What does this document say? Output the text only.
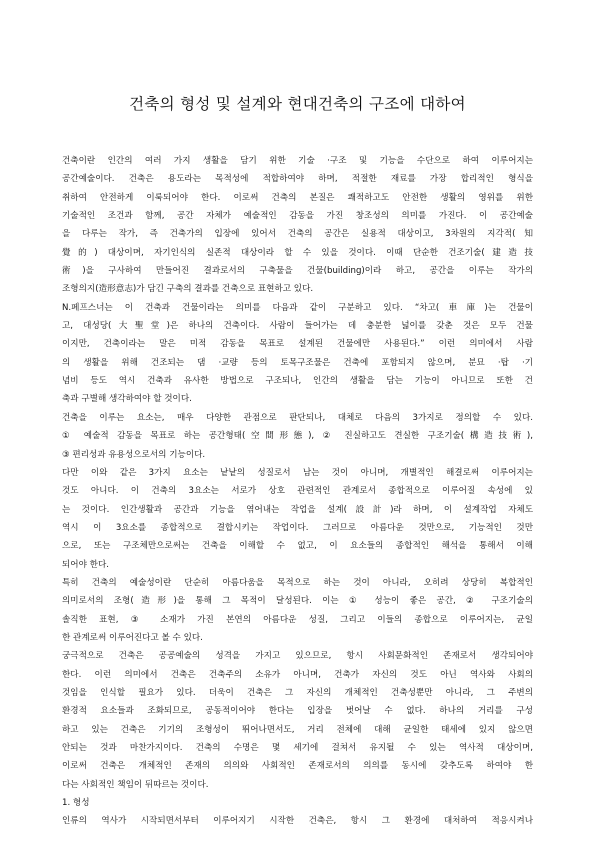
건축의 형성 및 설계와 현대건축의 구조에 대하여
건축이란 인간의 여러 가지 생활을 담기 위한 기술 ·구조 및 기능을 수단으로 하여 이루어지는
공간예술이다. 건축은 용도라는 목적성에 적합하여야 하며, 적절한 재료를 가장 합리적인 형식을
취하여 안전하게 이룩되어야 한다. 이로써 건축의 본질은 쾌적하고도 안전한 생활의 영위를 위한
기술적인 조건과 함께, 공간 자체가 예술적인 감동을 가진 창조성의 의미를 가진다. 이 공간예술
을 다루는 작가, 즉 건축가의 입장에 있어서 건축의 공간은 실용적 대상이고, 3차원의 지각적(知
覺的) 대상이며, 자기인식의 실존적 대상이라 할 수 있을 것이다. 이때 단순한 건조기술(建造技
術)을 구사하여 만들어진 결과로서의 구축물을 건물(building)이라 하고, 공간을 이루는 작가의
조형의지(造形意志)가 담긴 구축의 결과를 건축으로 표현하고 있다.
N.페프스너는 이 건축과 건물이라는 의미를 다음과 같이 구분하고 있다. “차고(車庫)는 건물이
고, 대성당(大聖堂)은 하나의 건축이다. 사람이 들어가는 데 충분한 넓이를 갖춘 것은 모두 건물
이지만, 건축이라는 말은 미적 감동을 목표로 설계된 건물에만 사용된다.” 이런 의미에서 사람
의 생활을 위해 건조되는 댐 ·교량 등의 토목구조물은 건축에 포함되지 않으며, 분묘 ·탑 ·기
념비 등도 역시 건축과 유사한 방법으로 구조되나, 인간의 생활을 담는 기능이 아니므로 또한 건
축과 구별해 생각하여야 할 것이다.
건축을 이루는 요소는, 매우 다양한 관점으로 판단되나, 대체로 다음의 3가지로 정의할 수 있다.
① 예술적 감동을 목표로 하는 공간형태(空間形態), ② 진실하고도 견실한 구조기술(構造技術),
③ 편리성과 유용성으로서의 기능이다.
다만 이와 같은 3가지 요소는 낱낱의 성질로서 남는 것이 아니며, 개별적인 해결로써 이루어지는
것도 아니다. 이 건축의 3요소는 서로가 상호 관련적인 관계로서 종합적으로 이루어질 속성에 있
는 것이다. 인간생활과 공간과 기능을 엮어내는 작업을 설계(設計)라 하며, 이 설계작업 자체도
역시 이 3요소를 종합적으로 결합시키는 작업이다. 그러므로 아름다운 것만으로, 기능적인 것만
으로, 또는 구조체만으로써는 건축을 이해할 수 없고, 이 요소들의 종합적인 해석을 통해서 이해
되어야 한다.
특히 건축의 예술성이란 단순히 아름다움을 목적으로 하는 것이 아니라, 오히려 상당히 복합적인
의미로서의 조형(造形)을 통해 그 목적이 달성된다. 이는 ① 성능이 좋은 공간, ② 구조기술의
솔직한 표현, ③ 소재가 가진 본연의 아름다운 성질, 그리고 이들의 종합으로 이루어지는, 균일
한 관계로써 이루어진다고 볼 수 있다.
궁극적으로 건축은 공공예술의 성격을 가지고 있으므로, 항시 사회문화적인 존재로서 생각되어야
한다. 이런 의미에서 건축은 건축주의 소유가 아니며, 건축가 자신의 것도 아닌 역사와 사회의
것임을 인식할 필요가 있다. 더욱이 건축은 그 자신의 개체적인 건축성뿐만 아니라, 그 주변의
환경적 요소들과 조화되므로, 공동적이어야 한다는 입장을 벗어날 수 없다. 하나의 거리를 구성
하고 있는 건축은 기기의 조형성이 뛰어나면서도, 거리 전체에 대해 균일한 태세에 있지 않으면
안되는 것과 마찬가지이다. 건축의 수명은 몇 세기에 걸쳐서 유지될 수 있는 역사적 대상이며,
이로써 건축은 개체적인 존재의 의의와 사회적인 존재로서의 의의를 동시에 갖추도록 하여야 한
다는 사회적인 책임이 뒤따르는 것이다.
1. 형성
인류의 역사가 시작되면서부터 이루어지기 시작한 건축은, 항시 그 환경에 대처하여 적응시켜나
